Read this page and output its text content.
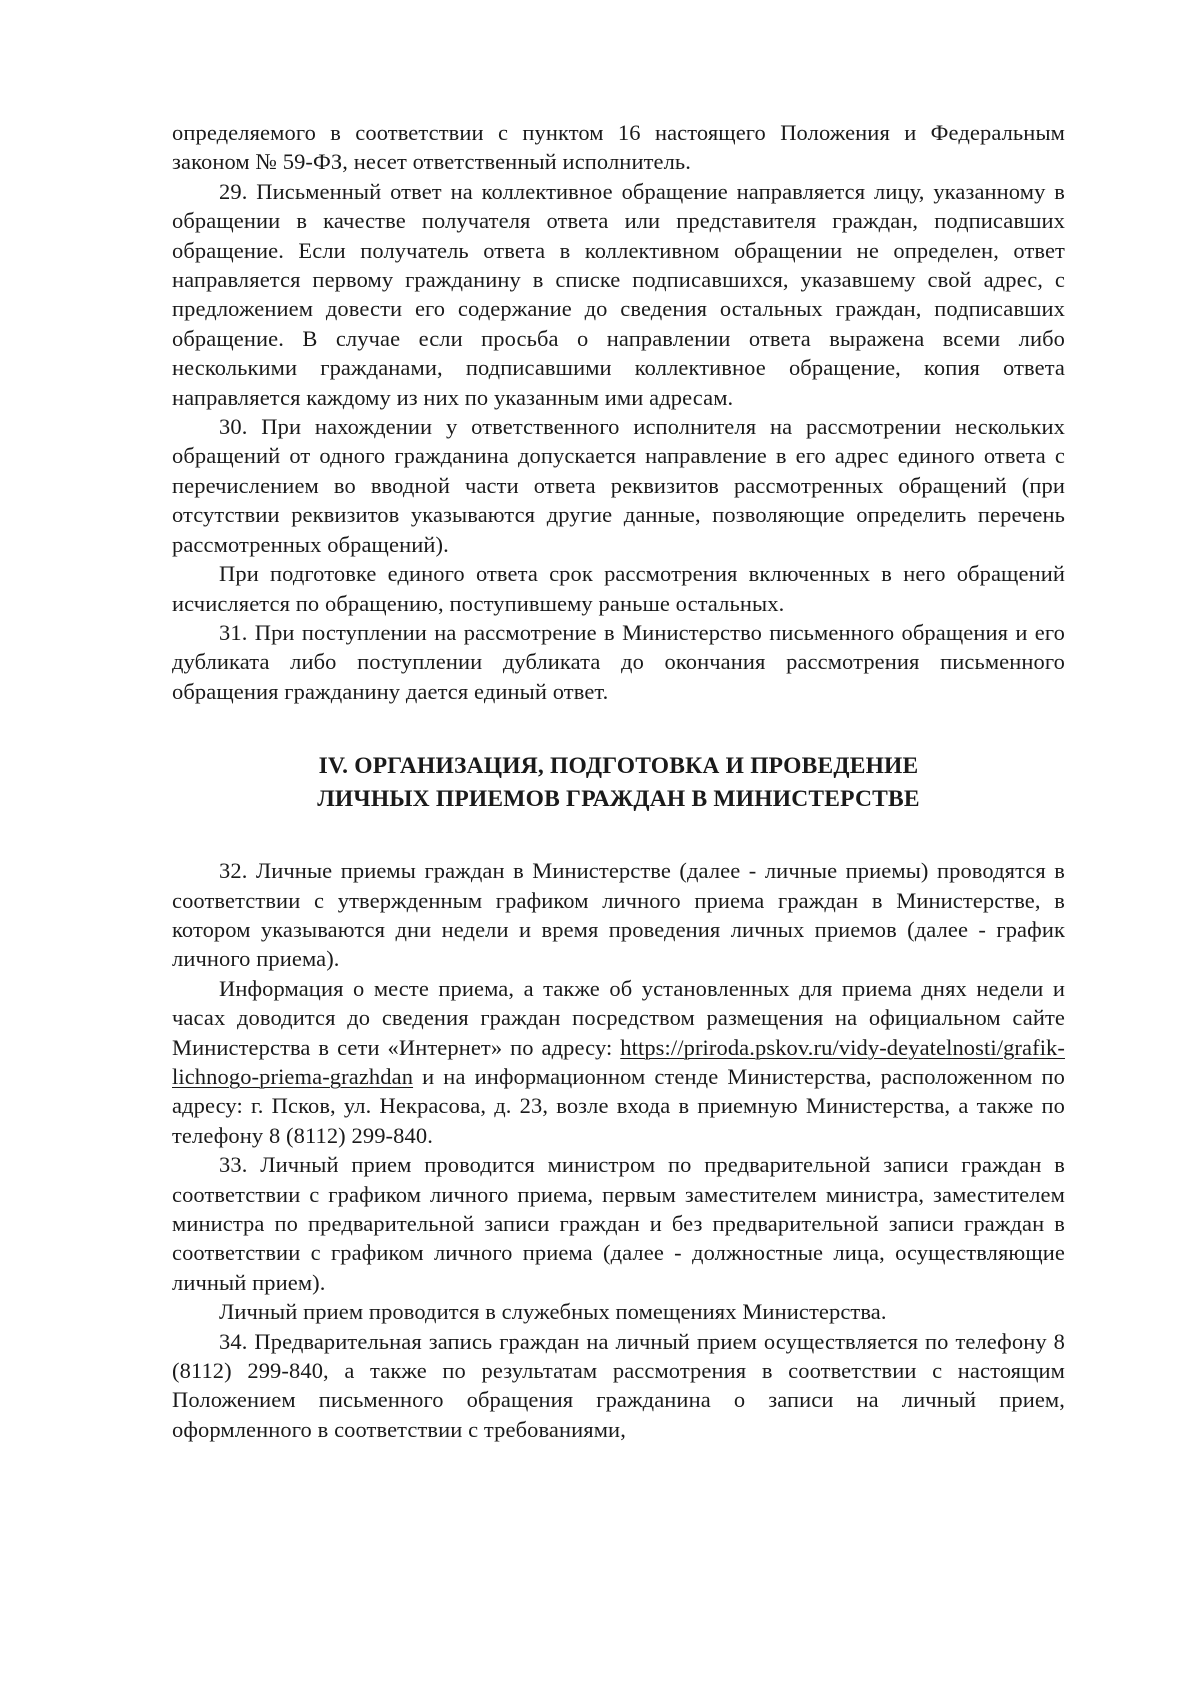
определяемого в соответствии с пунктом 16 настоящего Положения и Федеральным законом № 59-ФЗ, несет ответственный исполнитель.

29. Письменный ответ на коллективное обращение направляется лицу, указанному в обращении в качестве получателя ответа или представителя граждан, подписавших обращение. Если получатель ответа в коллективном обращении не определен, ответ направляется первому гражданину в списке подписавшихся, указавшему свой адрес, с предложением довести его содержание до сведения остальных граждан, подписавших обращение. В случае если просьба о направлении ответа выражена всеми либо несколькими гражданами, подписавшими коллективное обращение, копия ответа направляется каждому из них по указанным ими адресам.

30. При нахождении у ответственного исполнителя на рассмотрении нескольких обращений от одного гражданина допускается направление в его адрес единого ответа с перечислением во вводной части ответа реквизитов рассмотренных обращений (при отсутствии реквизитов указываются другие данные, позволяющие определить перечень рассмотренных обращений).

При подготовке единого ответа срок рассмотрения включенных в него обращений исчисляется по обращению, поступившему раньше остальных.

31. При поступлении на рассмотрение в Министерство письменного обращения и его дубликата либо поступлении дубликата до окончания рассмотрения письменного обращения гражданину дается единый ответ.

IV. ОРГАНИЗАЦИЯ, ПОДГОТОВКА И ПРОВЕДЕНИЕ
ЛИЧНЫХ ПРИЕМОВ ГРАЖДАН В МИНИСТЕРСТВЕ

32. Личные приемы граждан в Министерстве (далее - личные приемы) проводятся в соответствии с утвержденным графиком личного приема граждан в Министерстве, в котором указываются дни недели и время проведения личных приемов (далее - график личного приема).

Информация о месте приема, а также об установленных для приема днях недели и часах доводится до сведения граждан посредством размещения на официальном сайте Министерства в сети «Интернет» по адресу: https://priroda.pskov.ru/vidy-deyatelnosti/grafik-lichnogo-priema-grazhdan и на информационном стенде Министерства, расположенном по адресу: г. Псков, ул. Некрасова, д. 23, возле входа в приемную Министерства, а также по телефону 8 (8112) 299-840.

33. Личный прием проводится министром по предварительной записи граждан в соответствии с графиком личного приема, первым заместителем министра, заместителем министра по предварительной записи граждан и без предварительной записи граждан в соответствии с графиком личного приема (далее - должностные лица, осуществляющие личный прием).

Личный прием проводится в служебных помещениях Министерства.

34. Предварительная запись граждан на личный прием осуществляется по телефону 8 (8112) 299-840, а также по результатам рассмотрения в соответствии с настоящим Положением письменного обращения гражданина о записи на личный прием, оформленного в соответствии с требованиями,
